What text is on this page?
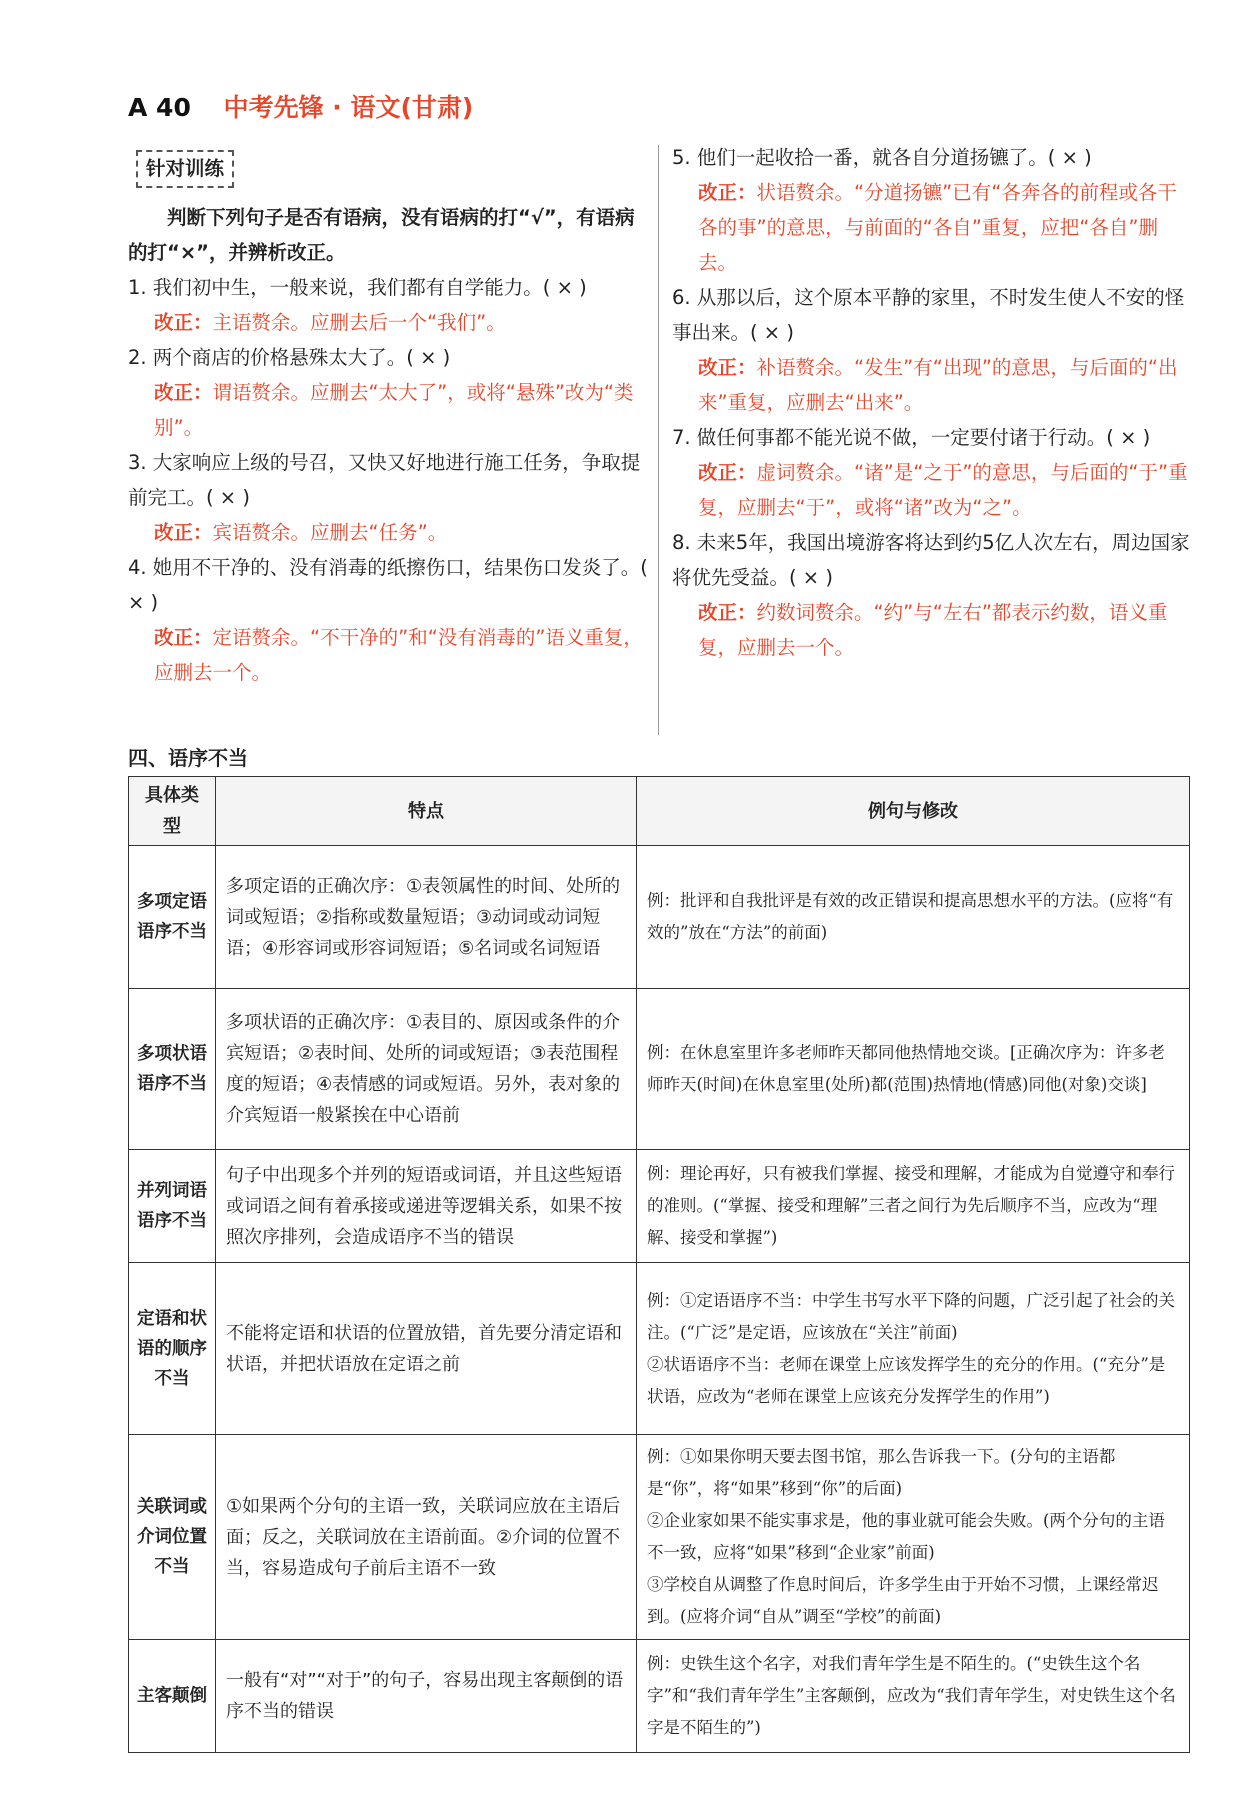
A 40 中考先锋 · 语文(甘肃)
针对训练

判断下列句子是否有语病，没有语病的打“√”，有语病的打“×”，并辨析改正。

1. 我们初中生，一般来说，我们都有自学能力。( × )

改正：主语赘余。应删去后一个“我们”。

2. 两个商店的价格悬殊太大了。( × )

改正：谓语赘余。应删去“太大了”，或将“悬殊”改为“类别”。

3. 大家响应上级的号召，又快又好地进行施工任务，争取提前完工。( × )

改正：宾语赘余。应删去“任务”。

4. 她用不干净的、没有消毒的纸擦伤口，结果伤口发炎了。( × )

改正：定语赘余。“不干净的”和“没有消毒的”语义重复，应删去一个。

5. 他们一起收拾一番，就各自分道扬镳了。( × )

改正：状语赘余。“分道扬镳”已有“各奔各的前程或各干各的事”的意思，与前面的“各自”重复，应把“各自”删去。

6. 从那以后，这个原本平静的家里，不时发生使人不安的怪事出来。( × )

改正：补语赘余。“发生”有“出现”的意思，与后面的“出来”重复，应删去“出来”。

7. 做任何事都不能光说不做，一定要付诸于行动。( × )

改正：虚词赘余。“诸”是“之于”的意思，与后面的“于”重复，应删去“于”，或将“诸”改为“之”。

8. 未来5年，我国出境游客将达到约5亿人次左右，周边国家将优先受益。( × )

改正：约数词赘余。“约”与“左右”都表示约数，语义重复，应删去一个。

四、语序不当
具体类型	特点	例句与修改
多项定语语序不当	多项定语的正确次序：①表领属性的时间、处所的词或短语；②指称或数量短语；③动词或动词短语；④形容词或形容词短语；⑤名词或名词短语	例：批评和自我批评是有效的改正错误和提高思想水平的方法。(应将“有效的”放在“方法”的前面)
多项状语语序不当	多项状语的正确次序：①表目的、原因或条件的介宾短语；②表时间、处所的词或短语；③表范围程度的短语；④表情感的词或短语。另外，表对象的介宾短语一般紧挨在中心语前	例：在休息室里许多老师昨天都同他热情地交谈。[正确次序为：许多老师昨天(时间)在休息室里(处所)都(范围)热情地(情感)同他(对象)交谈]
并列词语语序不当	句子中出现多个并列的短语或词语，并且这些短语或词语之间有着承接或递进等逻辑关系，如果不按照次序排列，会造成语序不当的错误	例：理论再好，只有被我们掌握、接受和理解，才能成为自觉遵守和奉行的准则。(“掌握、接受和理解”三者之间行为先后顺序不当，应改为“理解、接受和掌握”)
定语和状语的顺序不当	不能将定语和状语的位置放错，首先要分清定语和状语，并把状语放在定语之前	例：①定语语序不当：中学生书写水平下降的问题，广泛引起了社会的关注。(“广泛”是定语，应该放在“关注”前面)
②状语语序不当：老师在课堂上应该发挥学生的充分的作用。(“充分”是状语，应改为“老师在课堂上应该充分发挥学生的作用”)
关联词或介词位置不当	①如果两个分句的主语一致，关联词应放在主语后面；反之，关联词放在主语前面。②介词的位置不当，容易造成句子前后主语不一致	例：①如果你明天要去图书馆，那么告诉我一下。(分句的主语都是“你”，将“如果”移到“你”的后面)
②企业家如果不能实事求是，他的事业就可能会失败。(两个分句的主语不一致，应将“如果”移到“企业家”前面)
③学校自从调整了作息时间后，许多学生由于开始不习惯，上课经常迟到。(应将介词“自从”调至“学校”的前面)
主客颠倒	一般有“对”“对于”的句子，容易出现主客颠倒的语序不当的错误	例：史铁生这个名字，对我们青年学生是不陌生的。(“史铁生这个名字”和“我们青年学生”主客颠倒，应改为“我们青年学生，对史铁生这个名字是不陌生的”)
